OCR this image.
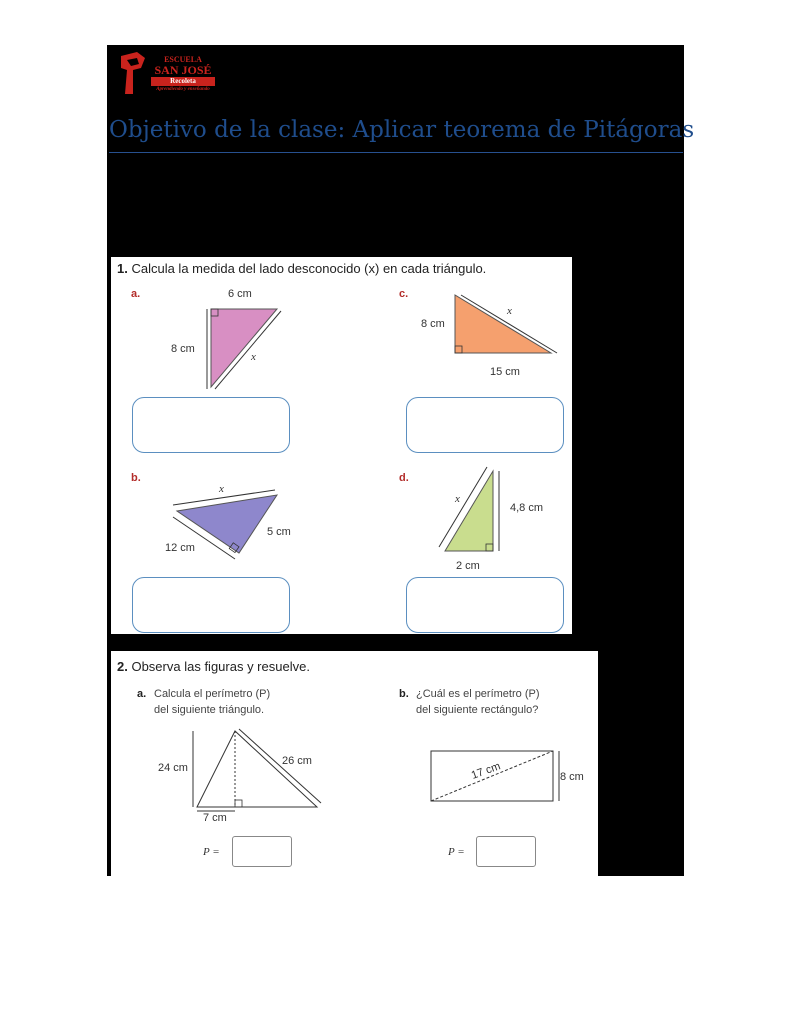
ESCUELA
SAN JOSÉ
Recoleta
Aprendiendo y enseñando
Objetivo de la clase: Aplicar teorema de Pitágoras
1. Calcula la medida del lado desconocido (x) en cada triángulo.
a.	6 cm
8 cm
x
c.
8 cm
x
15 cm
b.
x
12 cm
5 cm
d.
x
4,8 cm
2 cm
2. Observa las figuras y resuelve.
a. Calcula el perímetro (P)
del siguiente triángulo.
24 cm
26 cm
7 cm
P =
b. ¿Cuál es el perímetro (P)
del siguiente rectángulo?
17 cm	8 cm
P =
